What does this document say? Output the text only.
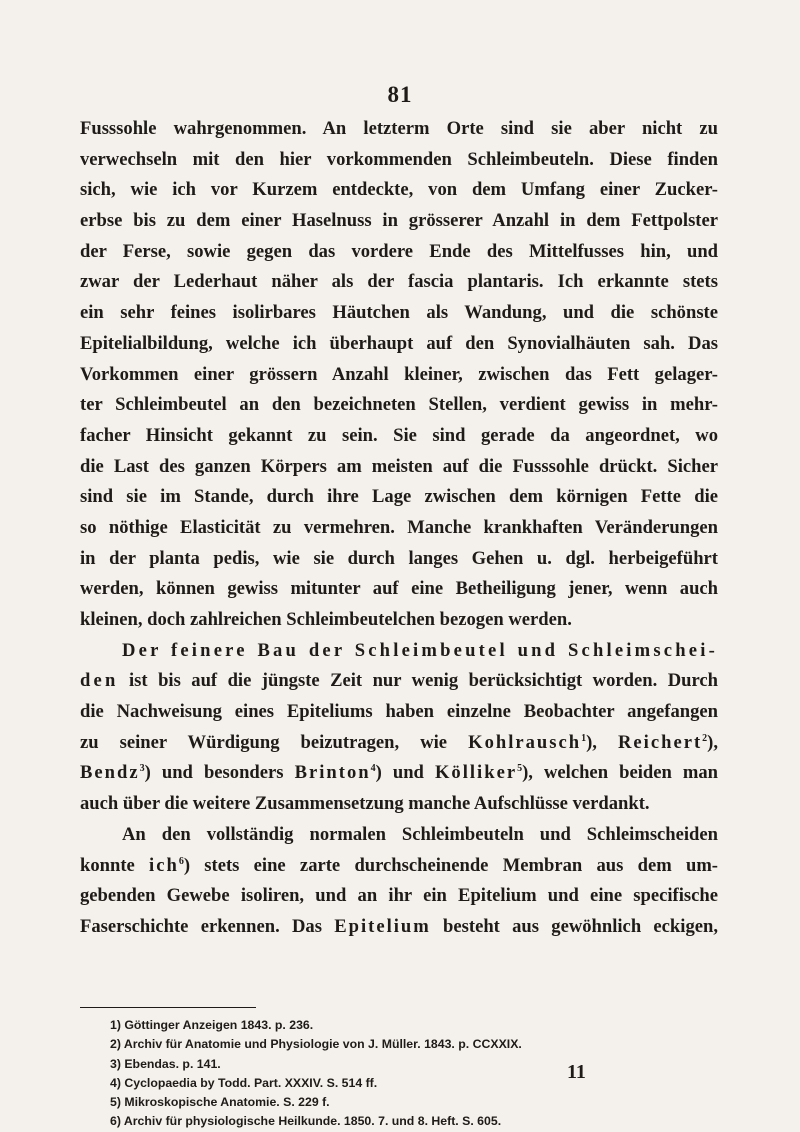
81
Fusssohle wahrgenommen. An letzterm Orte sind sie aber nicht zu
verwechseln mit den hier vorkommenden Schleimbeuteln. Diese finden
sich, wie ich vor Kurzem entdeckte, von dem Umfang einer Zucker-
erbse bis zu dem einer Haselnuss in grösserer Anzahl in dem Fettpolster
der Ferse, sowie gegen das vordere Ende des Mittelfusses hin, und
zwar der Lederhaut näher als der fascia plantaris. Ich erkannte stets
ein sehr feines isolirbares Häutchen als Wandung, und die schönste
Epitelialbildung, welche ich überhaupt auf den Synovialhäuten sah. Das
Vorkommen einer grössern Anzahl kleiner, zwischen das Fett gelager-
ter Schleimbeutel an den bezeichneten Stellen, verdient gewiss in mehr-
facher Hinsicht gekannt zu sein. Sie sind gerade da angeordnet, wo
die Last des ganzen Körpers am meisten auf die Fusssohle drückt. Sicher
sind sie im Stande, durch ihre Lage zwischen dem körnigen Fette die
so nöthige Elasticität zu vermehren. Manche krankhaften Veränderungen
in der planta pedis, wie sie durch langes Gehen u. dgl. herbeigeführt
werden, können gewiss mitunter auf eine Betheiligung jener, wenn auch
kleinen, doch zahlreichen Schleimbeutelchen bezogen werden.
Der feinere Bau der Schleimbeutel und Schleimschei-
den ist bis auf die jüngste Zeit nur wenig berücksichtigt worden. Durch
die Nachweisung eines Epiteliums haben einzelne Beobachter angefangen
zu seiner Würdigung beizutragen, wie Kohlrausch$^1$), Reichert$^2$),
Bendz$^3$) und besonders Brinton$^4$) und Kölliker$^5$), welchen beiden man
auch über die weitere Zusammensetzung manche Aufschlüsse verdankt.
An den vollständig normalen Schleimbeuteln und Schleimscheiden
konnte ich$^6$) stets eine zarte durchscheinende Membran aus dem um-
gebenden Gewebe isoliren, und an ihr ein Epitelium und eine specifische
Faserschichte erkennen. Das Epitelium besteht aus gewöhnlich eckigen,
1) Göttinger Anzeigen 1843. p. 236.
2) Archiv für Anatomie und Physiologie von J. Müller. 1843. p. CCXXIX.
3) Ebendas. p. 141.
4) Cyclopaedia by Todd. Part. XXXIV. S. 514 ff.
5) Mikroskopische Anatomie. S. 229 f.
6) Archiv für physiologische Heilkunde. 1850. 7. und 8. Heft. S. 605.
11
